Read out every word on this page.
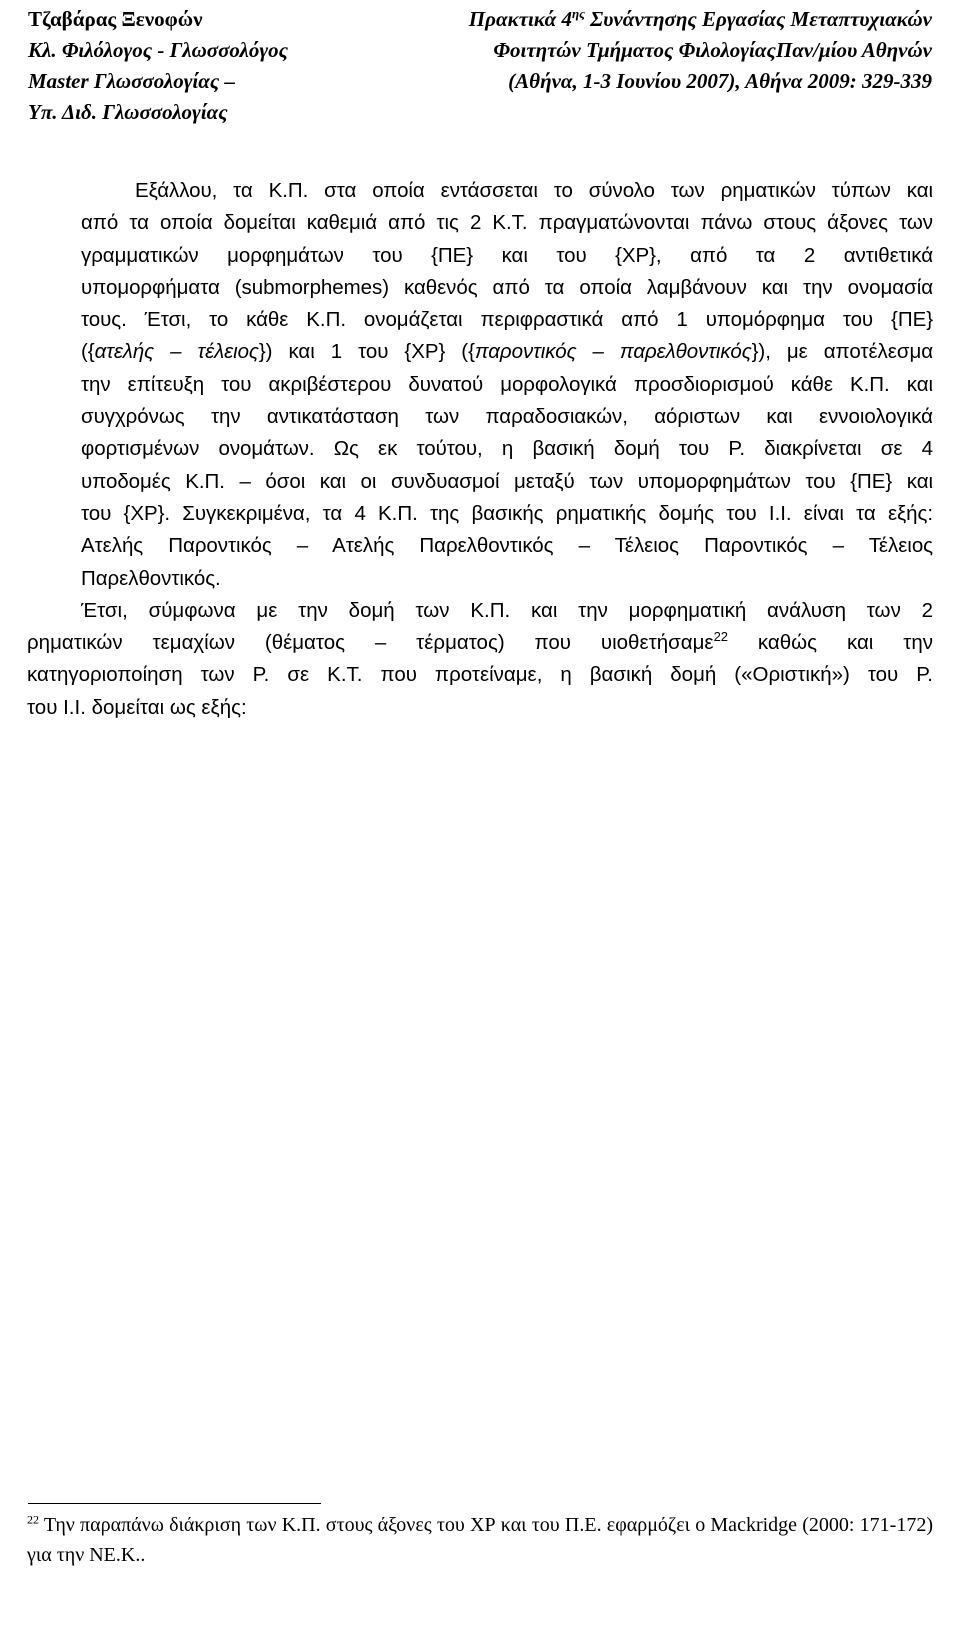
Τζαβάρας Ξενοφών	Πρακτικά $4^{\eta\varsigma}$ Συνάντησης Εργασίας Μεταπτυχιακών
Κλ. Φιλόλογος - Γλωσσολόγος	Φοιτητών Τμήματος ΦιλολογίαςΠαν/μίου Αθηνών
Master Γλωσσολογίας –	(Αθήνα, 1-3 Ιουνίου 2007), Αθήνα 2009: 329-339
Υπ. Διδ. Γλωσσολογίας

Εξάλλου, τα Κ.Π. στα οποία εντάσσεται το σύνολο των ρηματικών τύπων και
από τα οποία δομείται καθεμιά από τις 2 Κ.Τ. πραγματώνονται πάνω στους άξονες των
γραμματικών μορφημάτων του {ΠΕ} και του {ΧΡ}, από τα 2 αντιθετικά
υπομορφήματα (submorphemes) καθενός από τα οποία λαμβάνουν και την ονομασία
τους. Έτσι, το κάθε Κ.Π. ονομάζεται περιφραστικά από 1 υπομόρφημα του {ΠΕ}
({ατελής – τέλειος}) και 1 του {ΧΡ} ({παροντικός – παρελθοντικός}), με αποτέλεσμα
την επίτευξη του ακριβέστερου δυνατού μορφολογικά προσδιορισμού κάθε Κ.Π. και
συγχρόνως την αντικατάσταση των παραδοσιακών, αόριστων και εννοιολογικά
φορτισμένων ονομάτων. Ως εκ τούτου, η βασική δομή του Ρ. διακρίνεται σε 4
υποδομές Κ.Π. – όσοι και οι συνδυασμοί μεταξύ των υπομορφημάτων του {ΠΕ} και
του {ΧΡ}. Συγκεκριμένα, τα 4 Κ.Π. της βασικής ρηματικής δομής του Ι.Ι. είναι τα εξής:
Ατελής Παροντικός – Ατελής Παρελθοντικός – Τέλειος Παροντικός – Τέλειος
Παρελθοντικός.

Έτσι, σύμφωνα με την δομή των Κ.Π. και την μορφηματική ανάλυση των 2
ρηματικών τεμαχίων (θέματος – τέρματος) που υιοθετήσαμε$^{22}$ καθώς και την
κατηγοριοποίηση των Ρ. σε Κ.Τ. που προτείναμε, η βασική δομή («Οριστική») του Ρ.
του Ι.Ι. δομείται ως εξής:

$^{22}$ Την παραπάνω διάκριση των Κ.Π. στους άξονες του ΧΡ και του Π.Ε. εφαρμόζει ο Mackridge (2000: 171-172) για την ΝΕ.Κ..
